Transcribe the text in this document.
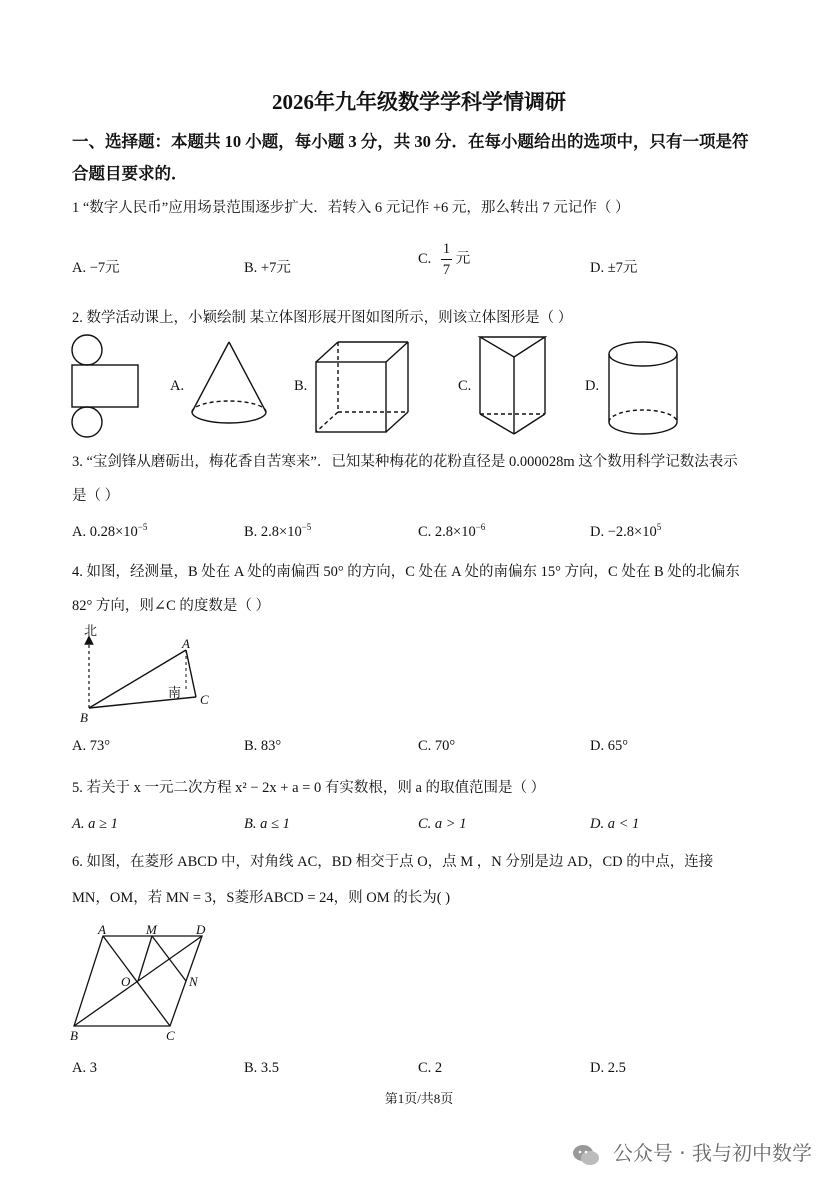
2026年九年级数学学科学情调研
一、选择题：本题共 10 小题，每小题 3 分，共 30 分．在每小题给出的选项中，只有一项是符
合题目要求的．
1 “数字人民币”应用场景范围逐步扩大．若转入 6 元记作 +6 元，那么转出 7 元记作（ ）
A. −7元	B. +7元
C. $\frac{1}{7}$ 元
D. ±7元
2. 数学活动课上，小颖绘制 某立体图形展开图如图所示，则该立体图形是（ ）
A.	B.	C.	D.
3. “宝剑锋从磨砺出，梅花香自苦寒来”．已知某种梅花的花粉直径是 0.000028m 这个数用科学记数法表示
是（ ）
A. $0.28\times 10^{-5}$	B. $2.8\times 10^{-5}$	C. $2.8\times 10^{-6}$	D. $-2.8\times 10^5$
4. 如图，经测量，B 处在 A 处的南偏西 50° 的方向，C 处在 A 处的南偏东 15° 方向，C 处在 B 处的北偏东
82° 方向，则∠C 的度数是（ ）
北
南
A
B
C
A. 73°	B. 83°	C. 70°	D. 65°
5. 若关于 x 一元二次方程 x² − 2x + a = 0 有实数根，则 a 的取值范围是（ ）
A. a ≥ 1	B. a ≤ 1	C. a > 1	D. a < 1
6. 如图，在菱形 ABCD 中，对角线 AC，BD 相交于点 O，点 M ，N 分别是边 AD，CD 的中点，连接
MN，OM，若 MN = 3，S菱形ABCD = 24，则 OM 的长为( )
A	M	D
O	N
B	C
A. 3	B. 3.5	C. 2	D. 2.5
第1页/共8页
公众号 · 我与初中数学
